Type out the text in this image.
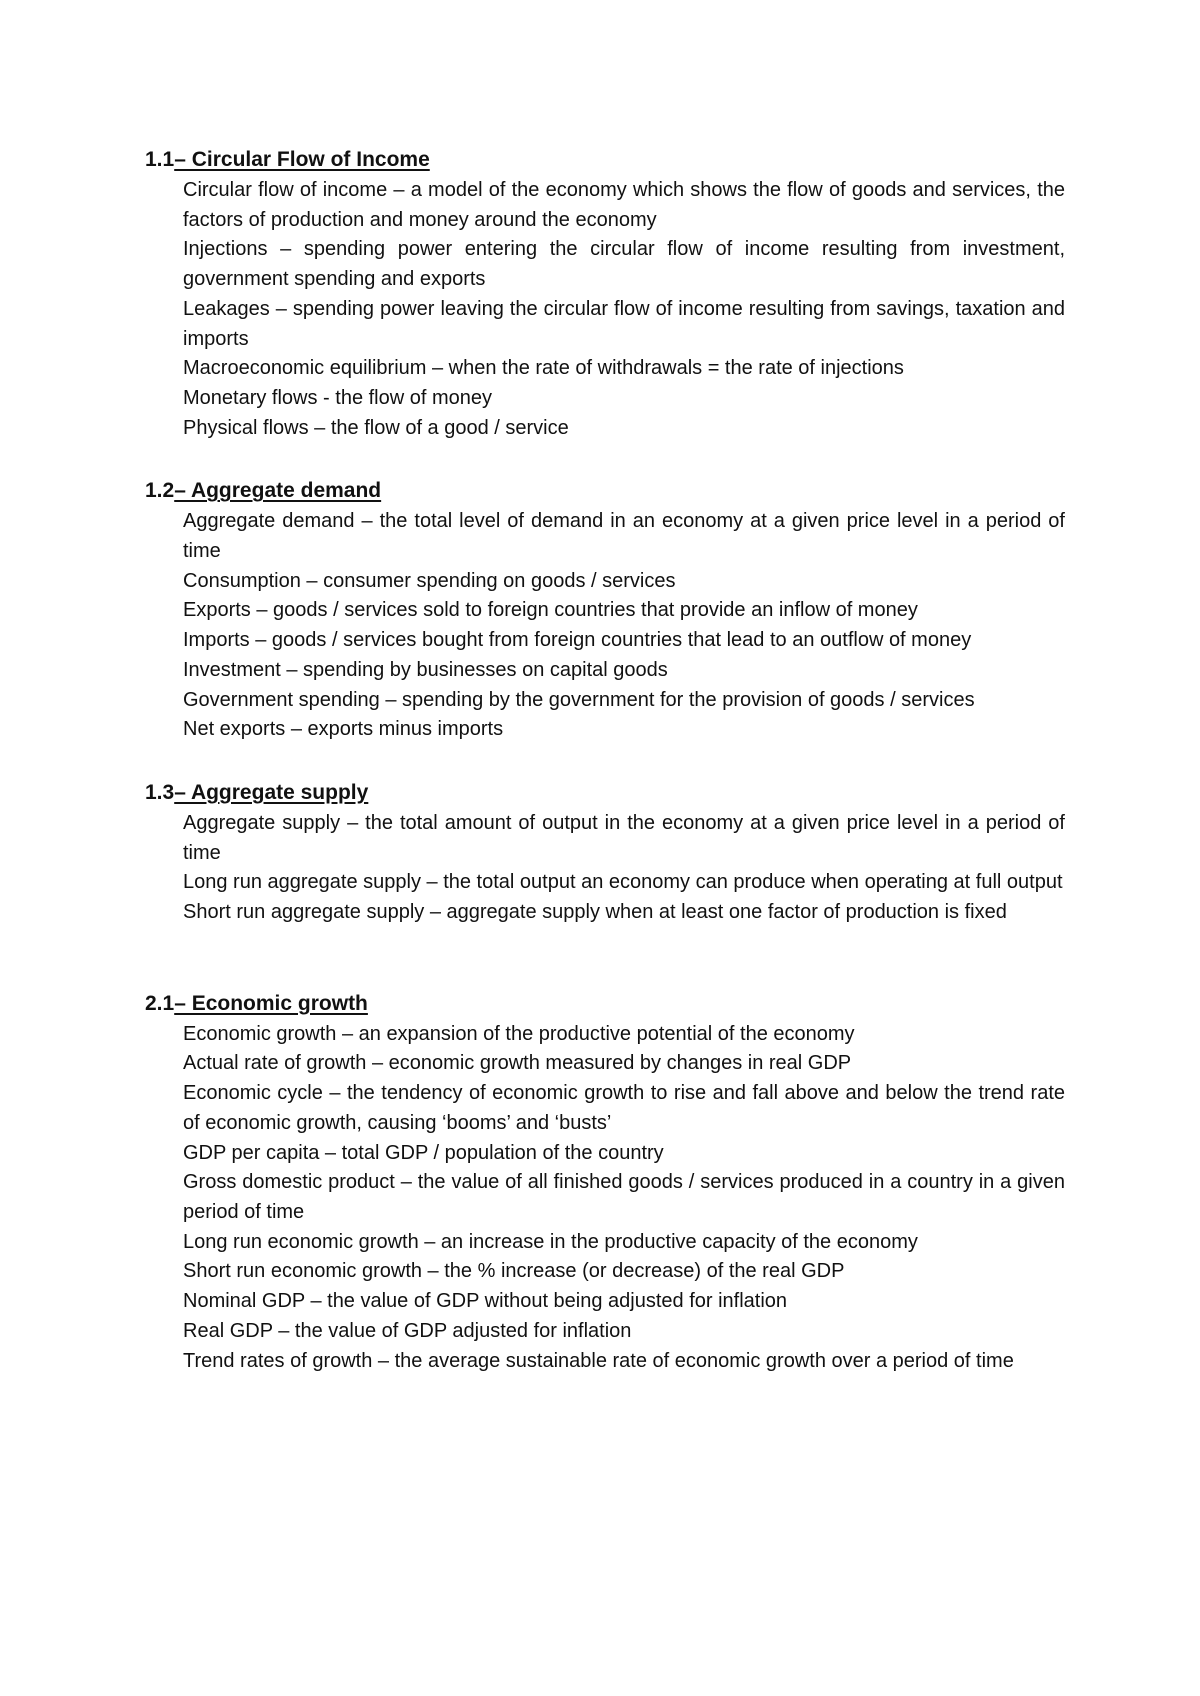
1.1– Circular Flow of Income
Circular flow of income – a model of the economy which shows the flow of goods and services, the factors of production and money around the economy
Injections – spending power entering the circular flow of income resulting from investment, government spending and exports
Leakages – spending power leaving the circular flow of income resulting from savings, taxation and imports
Macroeconomic equilibrium – when the rate of withdrawals = the rate of injections
Monetary flows - the flow of money
Physical flows – the flow of a good / service
1.2– Aggregate demand
Aggregate demand – the total level of demand in an economy at a given price level in a period of time
Consumption – consumer spending on goods / services
Exports – goods / services sold to foreign countries that provide an inflow of money
Imports – goods / services bought from foreign countries that lead to an outflow of money
Investment – spending by businesses on capital goods
Government spending – spending by the government for the provision of goods / services
Net exports – exports minus imports
1.3– Aggregate supply
Aggregate supply – the total amount of output in the economy at a given price level in a period of time
Long run aggregate supply – the total output an economy can produce when operating at full output
Short run aggregate supply – aggregate supply when at least one factor of production is fixed
2.1– Economic growth
Economic growth – an expansion of the productive potential of the economy
Actual rate of growth – economic growth measured by changes in real GDP
Economic cycle – the tendency of economic growth to rise and fall above and below the trend rate of economic growth, causing ‘booms’ and ‘busts’
GDP per capita – total GDP / population of the country
Gross domestic product – the value of all finished goods / services produced in a country in a given period of time
Long run economic growth – an increase in the productive capacity of the economy
Short run economic growth – the % increase (or decrease) of the real GDP
Nominal GDP – the value of GDP without being adjusted for inflation
Real GDP – the value of GDP adjusted for inflation
Trend rates of growth – the average sustainable rate of economic growth over a period of time
